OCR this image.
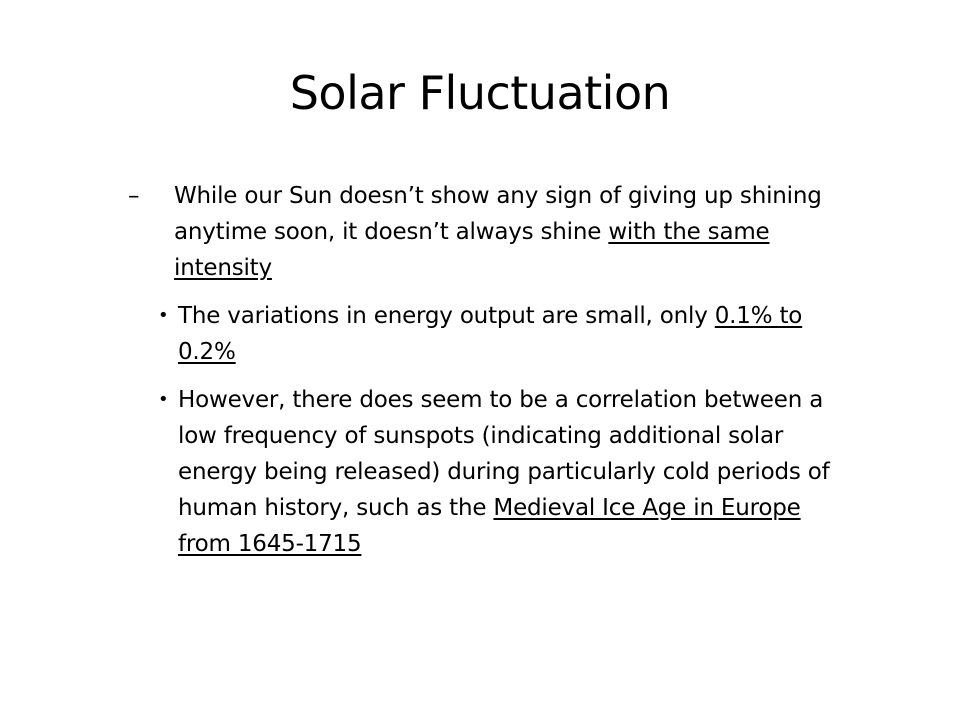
Solar Fluctuation
– While our Sun doesn’t show any sign of giving up shining anytime soon, it doesn’t always shine with the same intensity
• The variations in energy output are small, only 0.1% to 0.2%
• However, there does seem to be a correlation between a low frequency of sunspots (indicating additional solar energy being released) during particularly cold periods of human history, such as the Medieval Ice Age in Europe from 1645-1715
